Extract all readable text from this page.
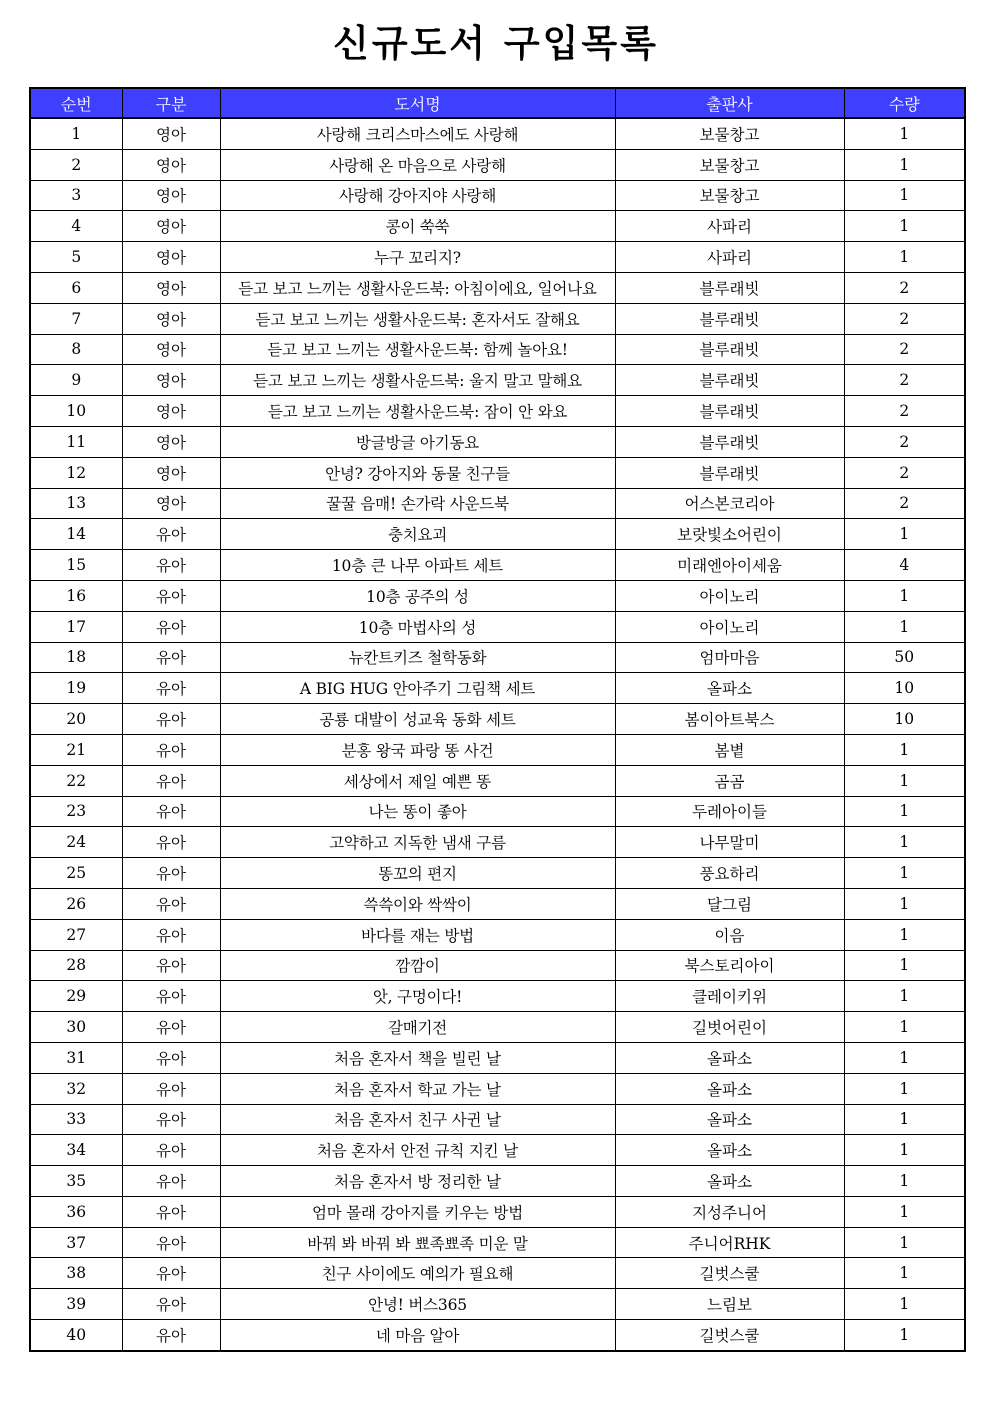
신규도서 구입목록
순번	구분	도서명	출판사	수량
1	영아	사랑해 크리스마스에도 사랑해	보물창고	1
2	영아	사랑해 온 마음으로 사랑해	보물창고	1
3	영아	사랑해 강아지야 사랑해	보물창고	1
4	영아	콩이 쑥쑥	사파리	1
5	영아	누구 꼬리지?	사파리	1
6	영아	듣고 보고 느끼는 생활사운드북: 아침이에요, 일어나요	블루래빗	2
7	영아	듣고 보고 느끼는 생활사운드북: 혼자서도 잘해요	블루래빗	2
8	영아	듣고 보고 느끼는 생활사운드북: 함께 놀아요!	블루래빗	2
9	영아	듣고 보고 느끼는 생활사운드북: 울지 말고 말해요	블루래빗	2
10	영아	듣고 보고 느끼는 생활사운드북: 잠이 안 와요	블루래빗	2
11	영아	방글방글 아기동요	블루래빗	2
12	영아	안녕? 강아지와 동물 친구들	블루래빗	2
13	영아	꿀꿀 음매! 손가락 사운드북	어스본코리아	2
14	유아	충치요괴	보랏빛소어린이	1
15	유아	10층 큰 나무 아파트 세트	미래엔아이세움	4
16	유아	10층 공주의 성	아이노리	1
17	유아	10층 마법사의 성	아이노리	1
18	유아	뉴칸트키즈 철학동화	엄마마음	50
19	유아	A BIG HUG 안아주기 그림책 세트	올파소	10
20	유아	공룡 대발이 성교육 동화 세트	봄이아트북스	10
21	유아	분홍 왕국 파랑 똥 사건	봄볕	1
22	유아	세상에서 제일 예쁜 똥	곰곰	1
23	유아	나는 똥이 좋아	두레아이들	1
24	유아	고약하고 지독한 냄새 구름	나무말미	1
25	유아	똥꼬의 편지	풍요하리	1
26	유아	쓱쓱이와 싹싹이	달그림	1
27	유아	바다를 재는 방법	이음	1
28	유아	깜깜이	북스토리아이	1
29	유아	앗, 구멍이다!	클레이키위	1
30	유아	갈매기전	길벗어린이	1
31	유아	처음 혼자서 책을 빌린 날	올파소	1
32	유아	처음 혼자서 학교 가는 날	올파소	1
33	유아	처음 혼자서 친구 사귄 날	올파소	1
34	유아	처음 혼자서 안전 규칙 지킨 날	올파소	1
35	유아	처음 혼자서 방 정리한 날	올파소	1
36	유아	엄마 몰래 강아지를 키우는 방법	지성주니어	1
37	유아	바꿔 봐 바꿔 봐 뾰족뾰족 미운 말	주니어RHK	1
38	유아	친구 사이에도 예의가 필요해	길벗스쿨	1
39	유아	안녕! 버스365	느림보	1
40	유아	네 마음 알아	길벗스쿨	1
